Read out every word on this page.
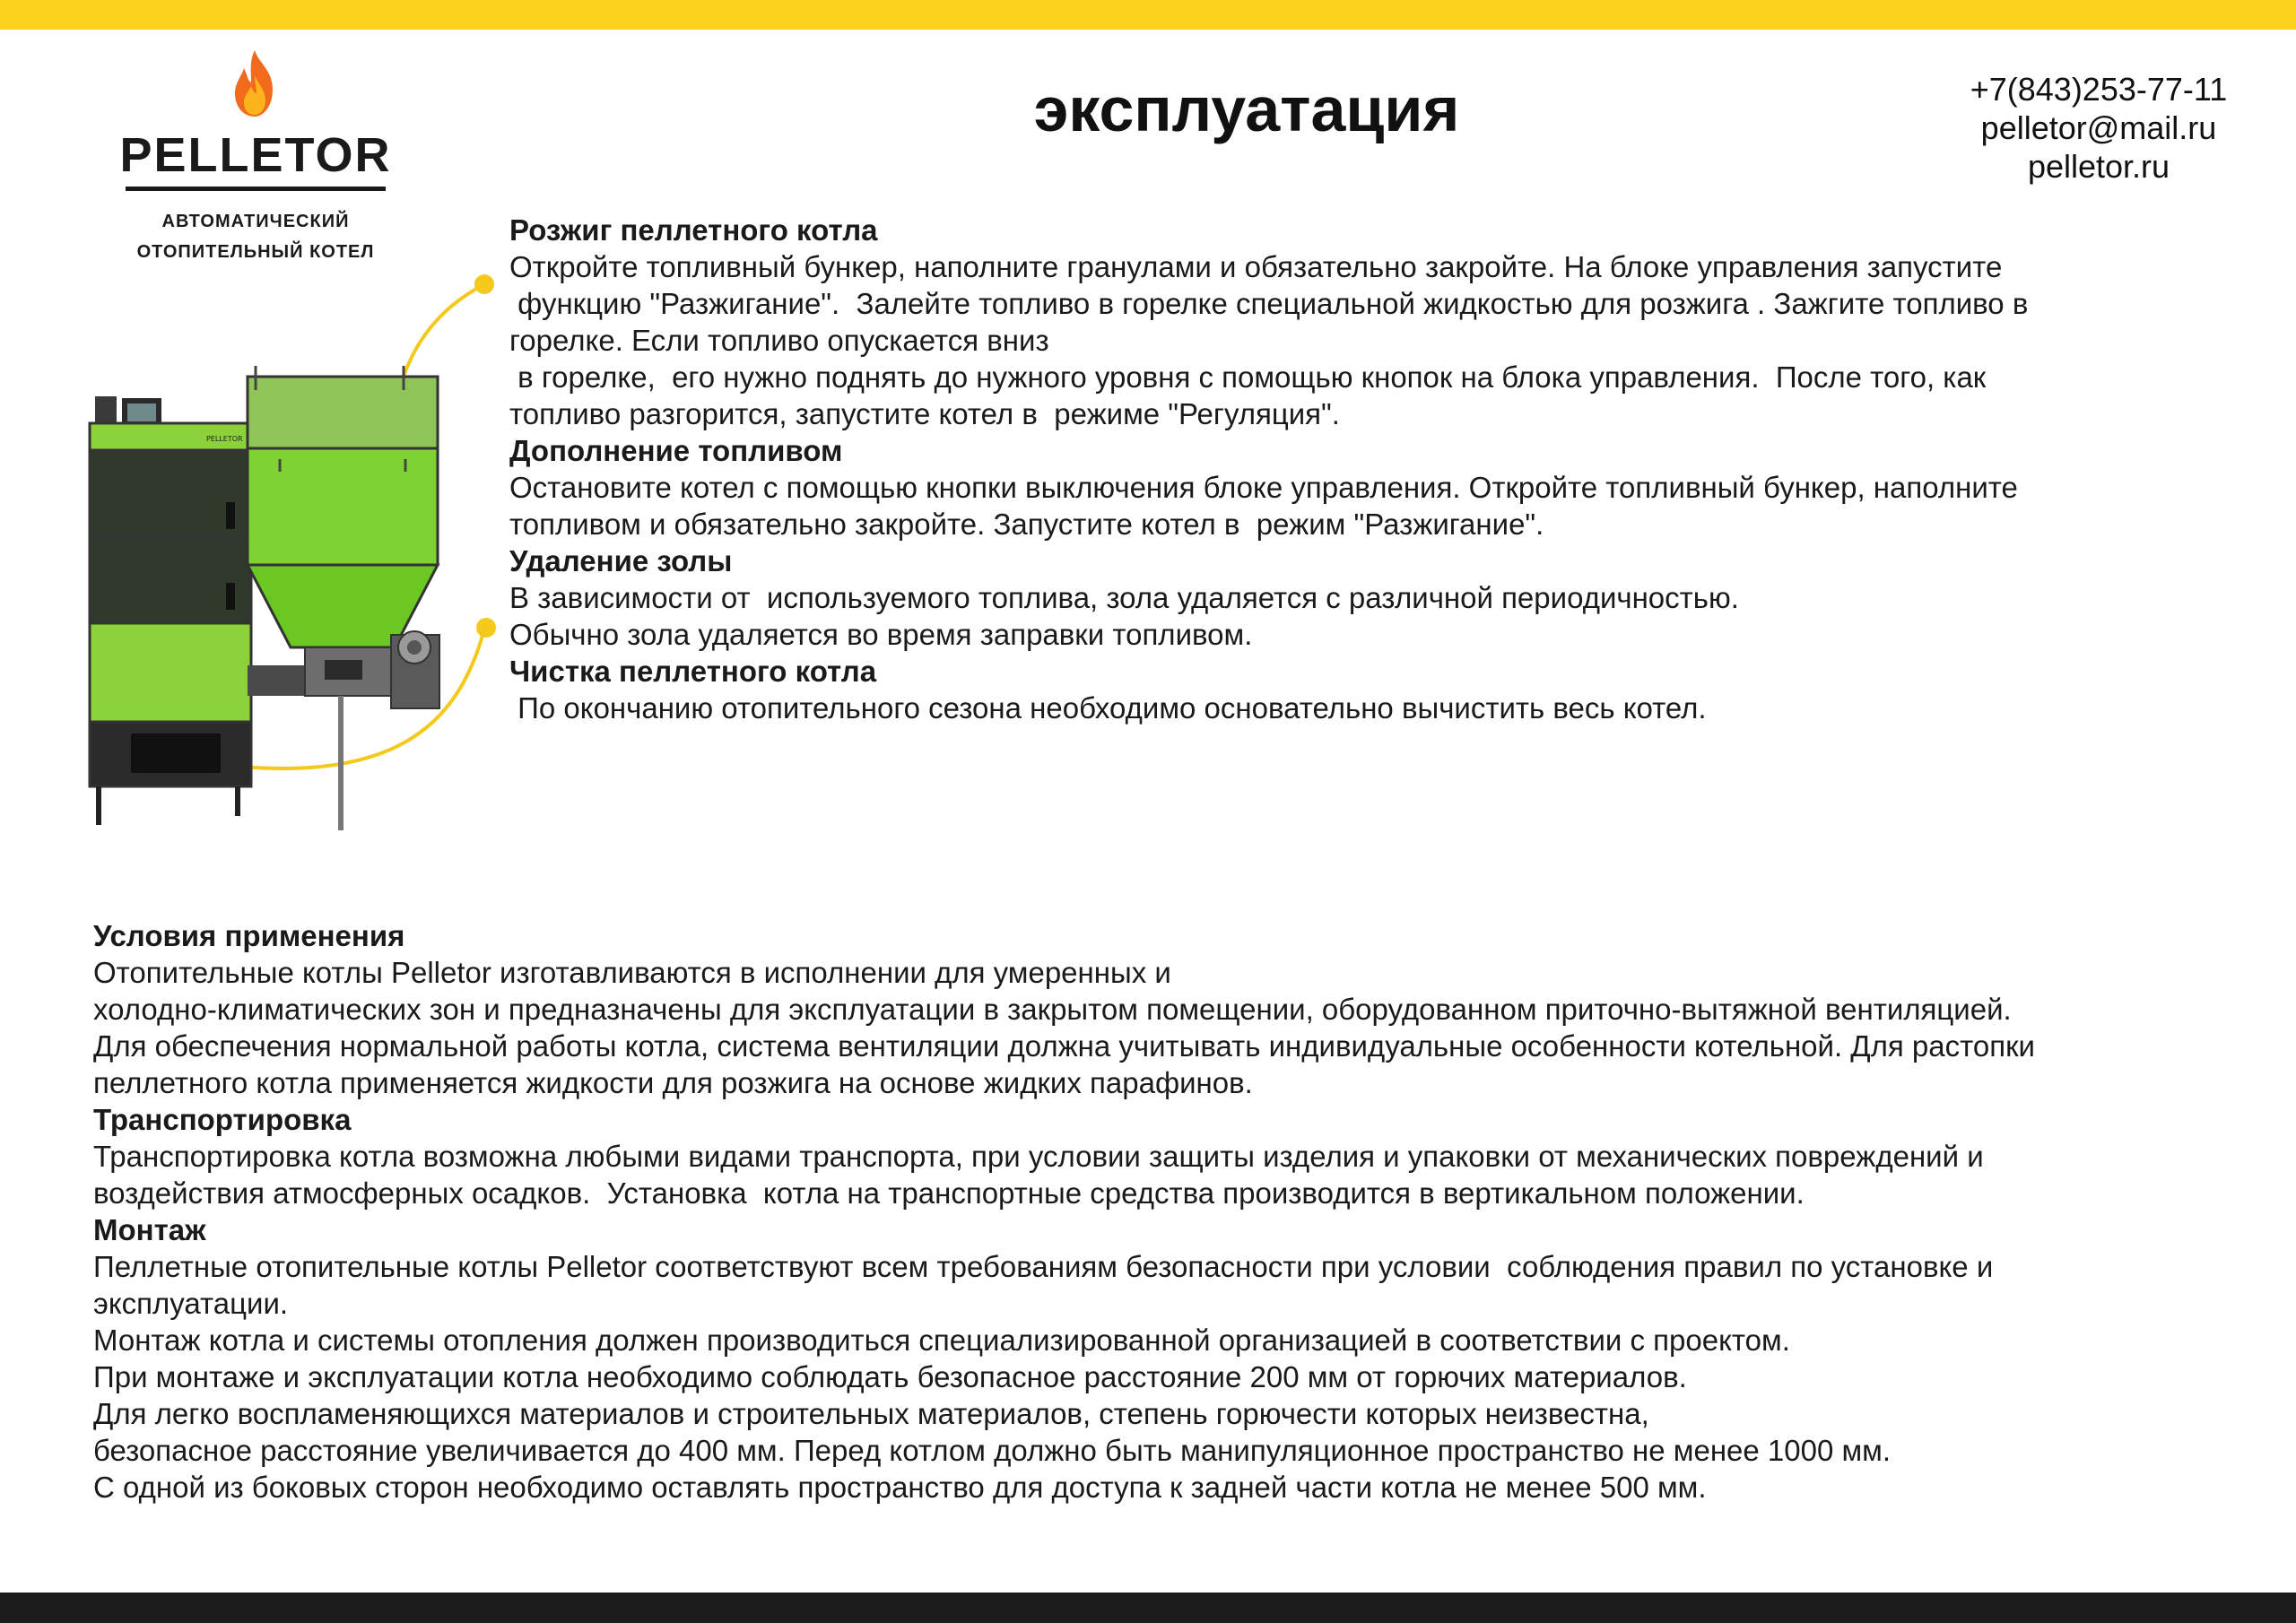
PELLETOR
АВТОМАТИЧЕСКИЙ
ОТОПИТЕЛЬНЫЙ КОТЕЛ
эксплуатация	+7(843)253-77-11
pelletor@mail.ru
pelletor.ru
PELLETOR
Розжиг пеллетного котла
Откройте топливный бункер, наполните гранулами и обязательно закройте. На блоке управления запустите
функцию "Разжигание".  Залейте топливо в горелке специальной жидкостью для розжига . Зажгите топливо в
горелке. Если топливо опускается вниз
в горелке,  его нужно поднять до нужного уровня с помощью кнопок на блока управления.  После того, как
топливо разгорится, запустите котел в  режиме "Регуляция".
Дополнение топливом
Остановите котел с помощью кнопки выключения блоке управления. Откройте топливный бункер, наполните
топливом и обязательно закройте. Запустите котел в  режим "Разжигание".
Удаление золы
В зависимости от  используемого топлива, зола удаляется с различной периодичностью.
Обычно зола удаляется во время заправки топливом.
Чистка пеллетного котла
По окончанию отопительного сезона необходимо основательно вычистить весь котел.
Условия применения
Отопительные котлы Pelletor изготавливаются в исполнении для умеренных и
холодно-климатических зон и предназначены для эксплуатации в закрытом помещении, оборудованном приточно-вытяжной вентиляцией.
Для обеспечения нормальной работы котла, система вентиляции должна учитывать индивидуальные особенности котельной. Для растопки
пеллетного котла применяется жидкости для розжига на основе жидких парафинов.
Транспортировка
Транспортировка котла возможна любыми видами транспорта, при условии защиты изделия и упаковки от механических повреждений и
воздействия атмосферных осадков.  Установка  котла на транспортные средства производится в вертикальном положении.
Монтаж
Пеллетные отопительные котлы Pelletor соответствуют всем требованиям безопасности при условии  соблюдения правил по установке и
эксплуатации.
Монтаж котла и системы отопления должен производиться специализированной организацией в соответствии с проектом.
При монтаже и эксплуатации котла необходимо соблюдать безопасное расстояние 200 мм от горючих материалов.
Для легко воспламеняющихся материалов и строительных материалов, степень горючести которых неизвестна,
безопасное расстояние увеличивается до 400 мм. Перед котлом должно быть манипуляционное пространство не менее 1000 мм.
С одной из боковых сторон необходимо оставлять пространство для доступа к задней части котла не менее 500 мм.
